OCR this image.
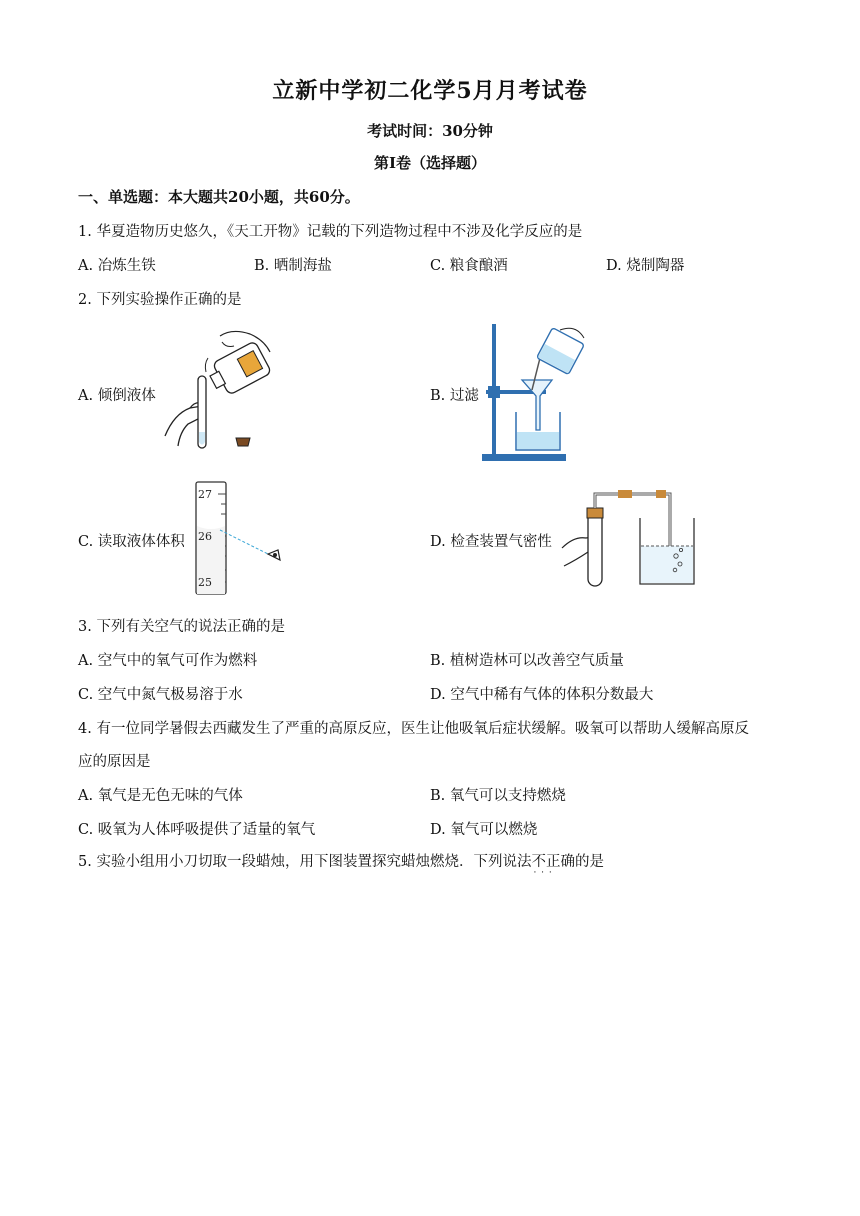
立新中学初二化学5月月考试卷
考试时间：30分钟
第Ⅰ卷（选择题）
一、单选题：本大题共20小题，共60分。
1. 华夏造物历史悠久，《天工开物》记载的下列造物过程中不涉及化学反应的是
A. 冶炼生铁	B. 晒制海盐	C. 粮食酿酒	D. 烧制陶器
2. 下列实验操作正确的是
A. 倾倒液体	B. 过滤
C. 读取液体体积
27
26
25
D. 检查装置气密性
3. 下列有关空气的说法正确的是
A. 空气中的氧气可作为燃料	B. 植树造林可以改善空气质量
C. 空气中氮气极易溶于水	D. 空气中稀有气体的体积分数最大
4. 有一位同学暑假去西藏发生了严重的高原反应，医生让他吸氧后症状缓解。吸氧可以帮助人缓解高原反
应的原因是
A. 氧气是无色无味的气体	B. 氧气可以支持燃烧
C. 吸氧为人体呼吸提供了适量的氧气	D. 氧气可以燃烧
5. 实验小组用小刀切取一段蜡烛，用下图装置探究蜡烛燃烧．下列说法不正确 · · ·的是
